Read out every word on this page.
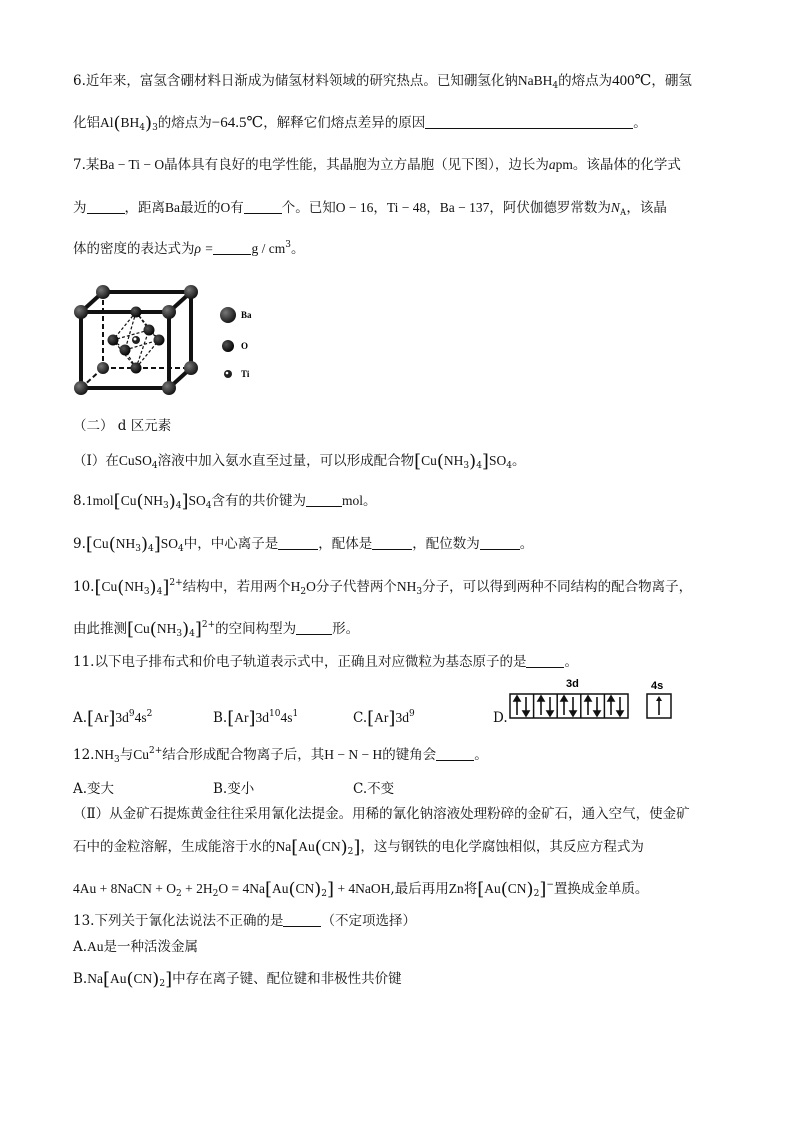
6.近年来，富氢含硼材料日渐成为储氢材料领域的研究热点。已知硼氢化钠NaBH$_4$的熔点为400℃，硼氢
化铝$Al(BH_4)_3$的熔点为−64.5℃，解释它们熔点差异的原因	。
7.某Ba − Ti − O晶体具有良好的电学性能，其晶胞为立方晶胞（见下图），边长为apm。该晶体的化学式
为	，距离Ba最近的O有	个。已知O − 16，Ti − 48，Ba − 137，阿伏伽德罗常数为$N_A$，该晶
体的密度的表达式为ρ =	g / $cm^3$。
Ba
O
Ti
（二） d 区元素
（Ⅰ）在CuSO$_4$溶液中加入氨水直至过量，可以形成配合物$[Cu(NH_3)_4]SO_4$。
$8.1mol[Cu(NH_3)_4]SO_4$含有的共价键为	mol。
$9.[Cu(NH_3)_4]SO_4$中，中心离子是	，配体是	，配位数为	。
$10.[Cu(NH_3)_4]^{2+}$结构中，若用两个$H_2O$分子代替两个$NH_3$分子，可以得到两种不同结构的配合物离子，
由此推测$[Cu(NH_3)_4]^{2+}$的空间构型为	形。
11.以下电子排布式和价电子轨道表示式中，正确且对应微粒为基态原子的是	。
$A.[Ar]3d^94s^2$	$B.[Ar]3d^{10}4s^1$	$C.[Ar]3d^9$	D.
3d	4s
$12.NH_3$与$Cu^{2+}$结合形成配合物离子后，其H − N − H的键角会	。
A.变大	B.变小	C.不变
（Ⅱ）从金矿石提炼黄金往往采用氰化法提金。用稀的氰化钠溶液处理粉碎的金矿石，通入空气，使金矿
石中的金粒溶解，生成能溶于水的$Na[Au(CN)_2]$，这与钢铁的电化学腐蚀相似，其反应方程式为
4Au + 8NaCN + $O_2 + 2H_2O = 4Na[Au(CN)_2]$ + 4NaOH,最后再用Zn将$[Au(CN)_2]^-$置换成金单质。
13.下列关于氰化法说法不正确的是	（不定项选择）
A.Au是一种活泼金属
$B.Na[Au(CN)_2]$中存在离子键、配位键和非极性共价键
